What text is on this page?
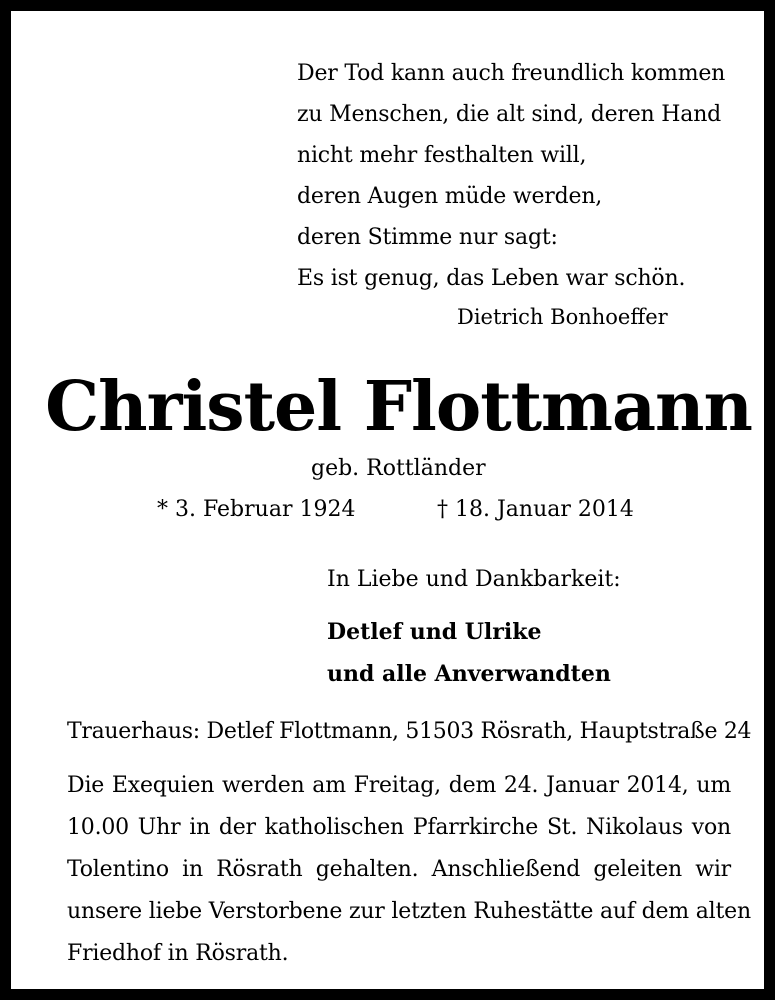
Der Tod kann auch freundlich kommen
zu Menschen, die alt sind, deren Hand
nicht mehr festhalten will,
deren Augen müde werden,
deren Stimme nur sagt:
Es ist genug, das Leben war schön.
Dietrich Bonhoeffer
Christel Flottmann
geb. Rottländer
* 3. Februar 1924	† 18. Januar 2014
In Liebe und Dankbarkeit:
Detlef und Ulrike
und alle Anverwandten
Trauerhaus: Detlef Flottmann, 51503 Rösrath, Hauptstraße 24
Die Exequien werden am Freitag, dem 24. Januar 2014, um
10.00 Uhr in der katholischen Pfarrkirche St. Nikolaus von
Tolentino in Rösrath gehalten. Anschließend geleiten wir
unsere liebe Verstorbene zur letzten Ruhestätte auf dem alten
Friedhof in Rösrath.
